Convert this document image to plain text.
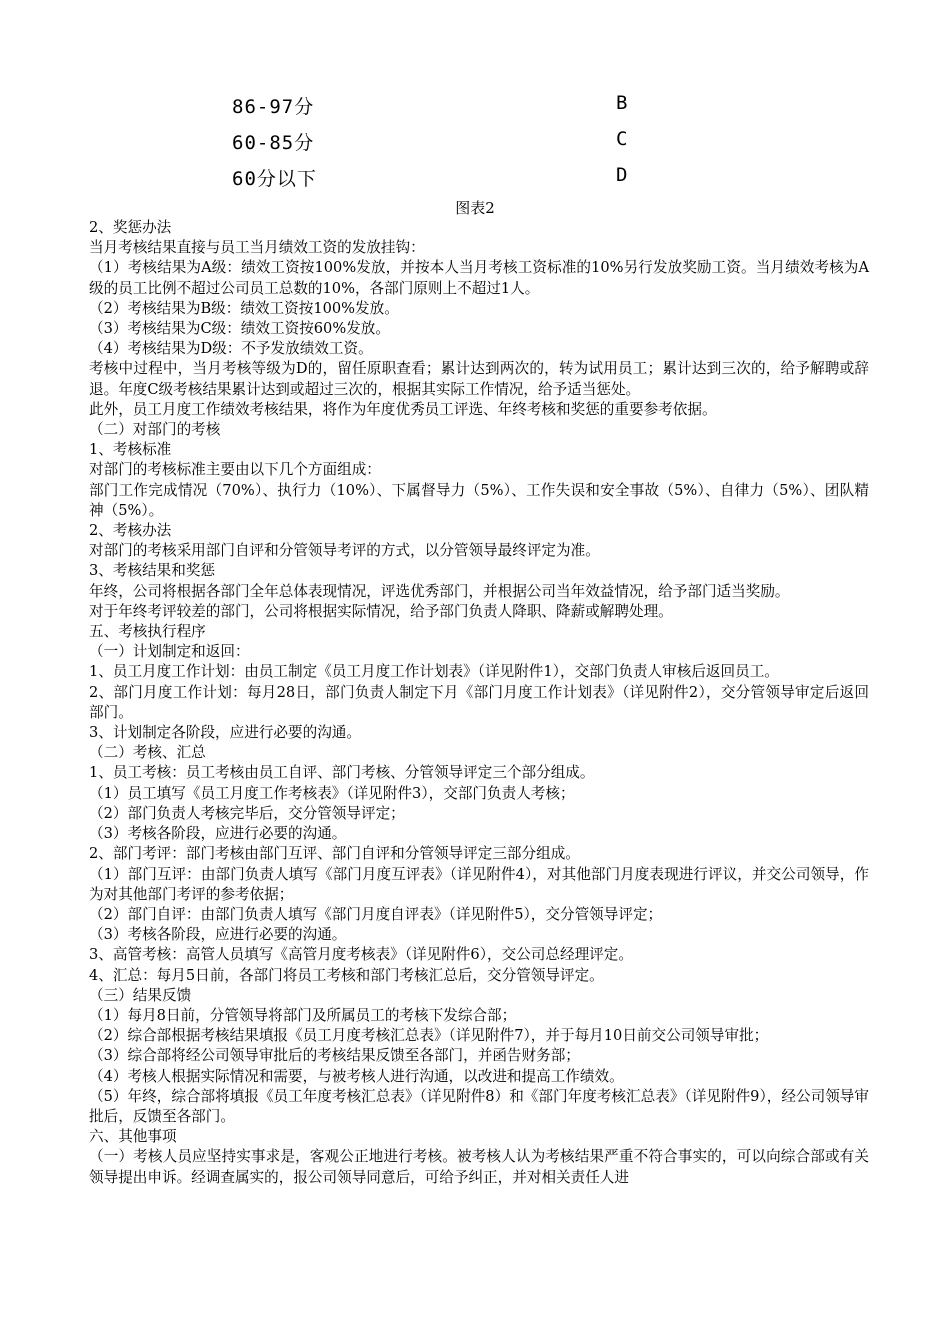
86-97分	B
60-85分	C
60分以下	D
图表2

2、奖惩办法

当月考核结果直接与员工当月绩效工资的发放挂钩：

（1）考核结果为A级：绩效工资按100%发放，并按本人当月考核工资标准的10%另行发放奖励工资。当月绩效考核为A级的员工比例不超过公司员工总数的10%，各部门原则上不超过1人。

（2）考核结果为B级：绩效工资按100%发放。

（3）考核结果为C级：绩效工资按60%发放。

（4）考核结果为D级：不予发放绩效工资。

考核中过程中，当月考核等级为D的，留任原职查看；累计达到两次的，转为试用员工；累计达到三次的，给予解聘或辞退。年度C级考核结果累计达到或超过三次的，根据其实际工作情况，给予适当惩处。

此外，员工月度工作绩效考核结果，将作为年度优秀员工评选、年终考核和奖惩的重要参考依据。

（二）对部门的考核

1、考核标准

对部门的考核标准主要由以下几个方面组成：

部门工作完成情况（70%）、执行力（10%）、下属督导力（5%）、工作失误和安全事故（5%）、自律力（5%）、团队精神（5%）。

2、考核办法

对部门的考核采用部门自评和分管领导考评的方式，以分管领导最终评定为准。

3、考核结果和奖惩

年终，公司将根据各部门全年总体表现情况，评选优秀部门，并根据公司当年效益情况，给予部门适当奖励。

对于年终考评较差的部门，公司将根据实际情况，给予部门负责人降职、降薪或解聘处理。

五、考核执行程序

（一）计划制定和返回：

1、员工月度工作计划：由员工制定《员工月度工作计划表》（详见附件1），交部门负责人审核后返回员工。

2、部门月度工作计划：每月28日，部门负责人制定下月《部门月度工作计划表》（详见附件2），交分管领导审定后返回部门。

3、计划制定各阶段，应进行必要的沟通。

（二）考核、汇总

1、员工考核：员工考核由员工自评、部门考核、分管领导评定三个部分组成。

（1）员工填写《员工月度工作考核表》（详见附件3），交部门负责人考核；

（2）部门负责人考核完毕后，交分管领导评定；

（3）考核各阶段，应进行必要的沟通。

2、部门考评：部门考核由部门互评、部门自评和分管领导评定三部分组成。

（1）部门互评：由部门负责人填写《部门月度互评表》（详见附件4），对其他部门月度表现进行评议，并交公司领导，作为对其他部门考评的参考依据；

（2）部门自评：由部门负责人填写《部门月度自评表》（详见附件5），交分管领导评定；

（3）考核各阶段，应进行必要的沟通。

3、高管考核：高管人员填写《高管月度考核表》（详见附件6），交公司总经理评定。

4、汇总：每月5日前，各部门将员工考核和部门考核汇总后，交分管领导评定。

（三）结果反馈

（1）每月8日前，分管领导将部门及所属员工的考核下发综合部；

（2）综合部根据考核结果填报《员工月度考核汇总表》（详见附件7），并于每月10日前交公司领导审批；

（3）综合部将经公司领导审批后的考核结果反馈至各部门，并函告财务部；

（4）考核人根据实际情况和需要，与被考核人进行沟通，以改进和提高工作绩效。

（5）年终，综合部将填报《员工年度考核汇总表》（详见附件8）和《部门年度考核汇总表》（详见附件9），经公司领导审批后，反馈至各部门。

六、其他事项

（一）考核人员应坚持实事求是，客观公正地进行考核。被考核人认为考核结果严重不符合事实的，可以向综合部或有关领导提出申诉。经调查属实的，报公司领导同意后，可给予纠正，并对相关责任人进
